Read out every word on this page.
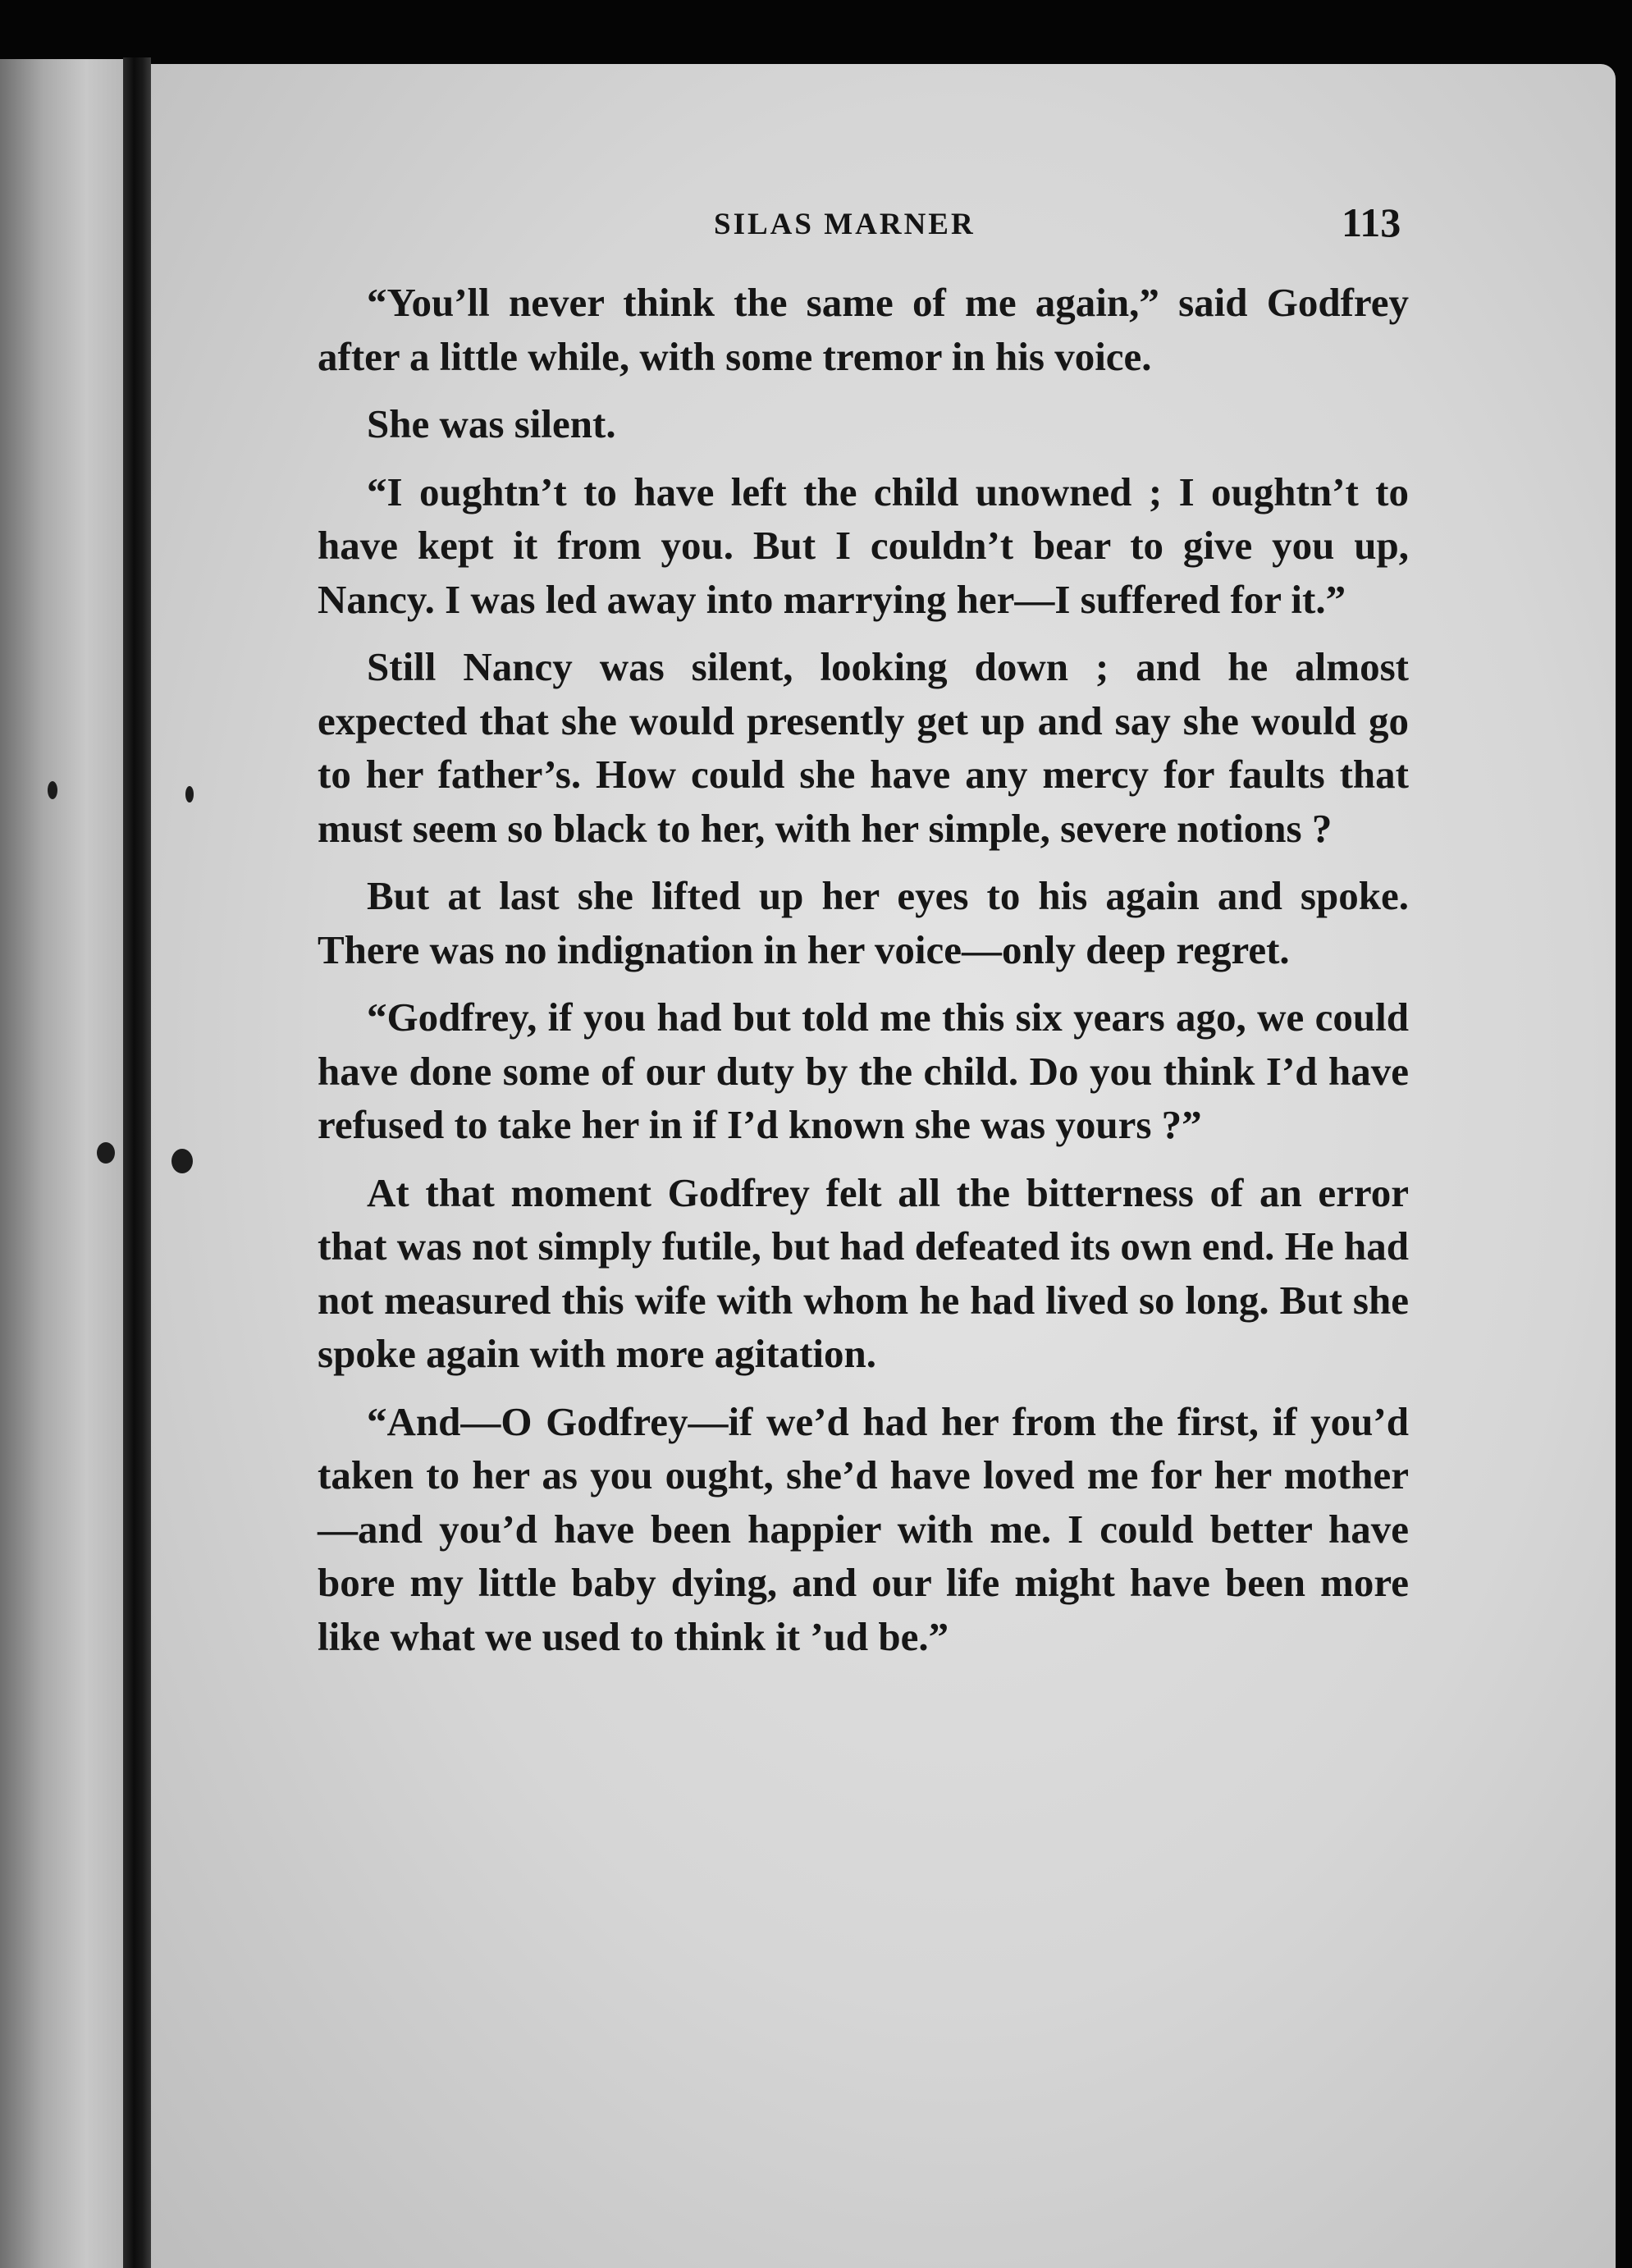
SILAS MARNER	113

“You’ll never think the same of me again,” said Godfrey after a little while, with some tremor in his voice.

She was silent.

“I oughtn’t to have left the child unowned ; I oughtn’t to have kept it from you. But I couldn’t bear to give you up, Nancy. I was led away into marrying her—I suffered for it.”

Still Nancy was silent, looking down ; and he almost expected that she would presently get up and say she would go to her father’s. How could she have any mercy for faults that must seem so black to her, with her simple, severe notions ?

But at last she lifted up her eyes to his again and spoke. There was no indignation in her voice—only deep regret.

“Godfrey, if you had but told me this six years ago, we could have done some of our duty by the child. Do you think I’d have refused to take her in if I’d known she was yours ?”

At that moment Godfrey felt all the bitterness of an error that was not simply futile, but had defeated its own end. He had not measured this wife with whom he had lived so long. But she spoke again with more agitation.

“And—O Godfrey—if we’d had her from the first, if you’d taken to her as you ought, she’d have loved me for her mother—and you’d have been happier with me. I could better have bore my little baby dying, and our life might have been more like what we used to think it ’ud be.”
